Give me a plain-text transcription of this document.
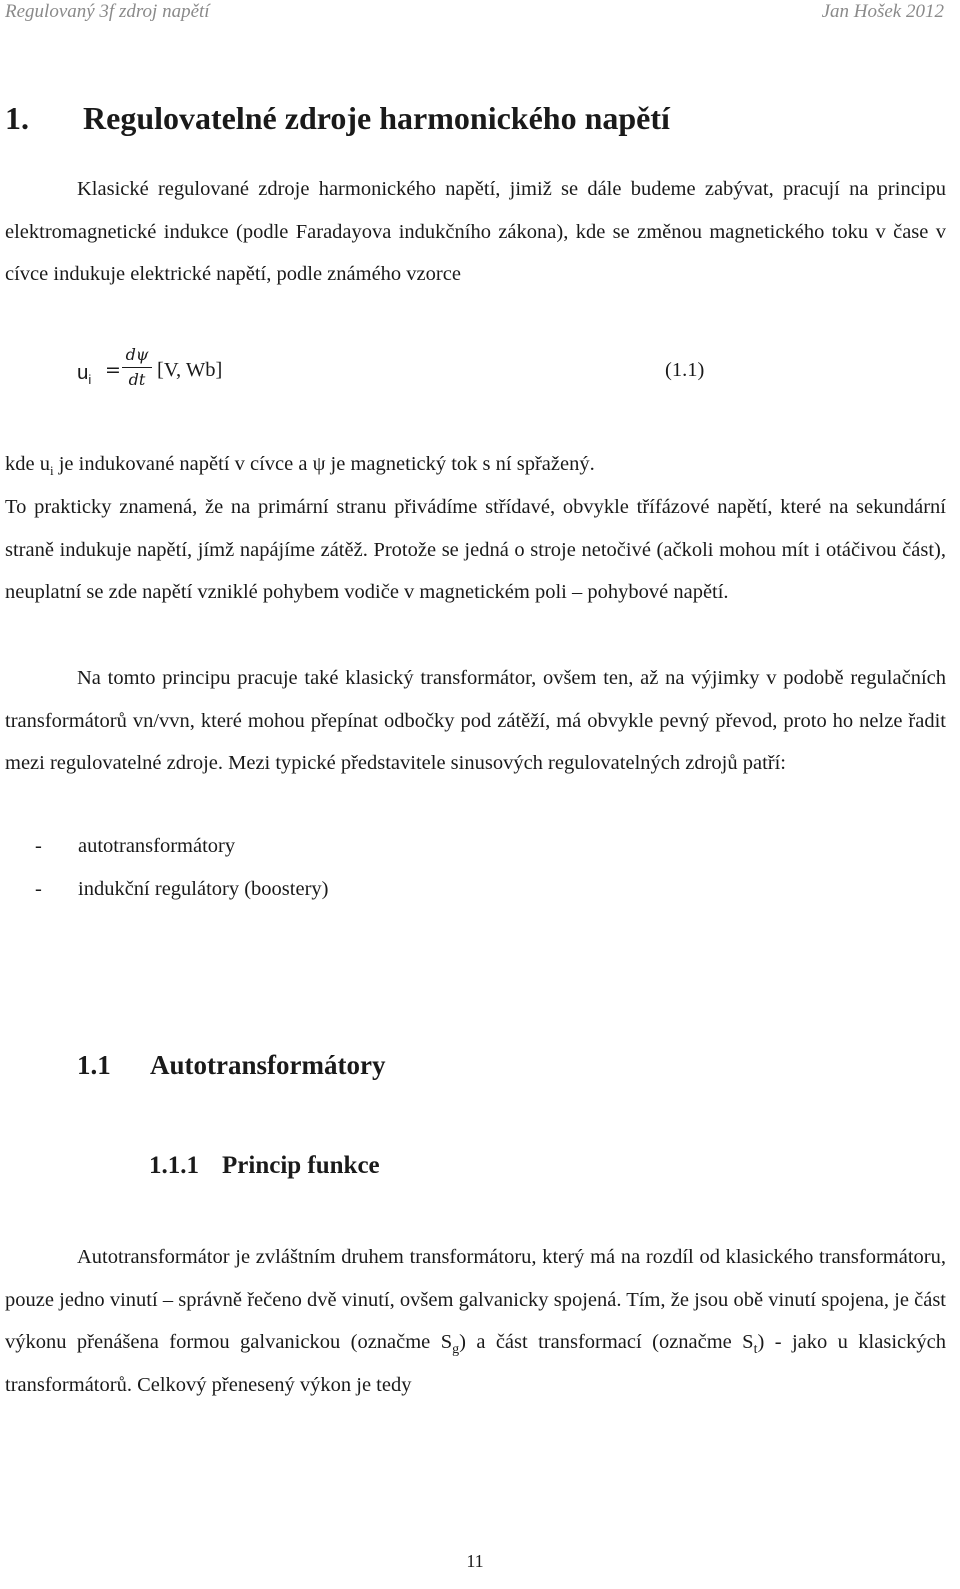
Regulovaný 3f zdroj napětí	Jan Hošek 2012
1. Regulovatelné zdroje harmonického napětí

Klasické regulované zdroje harmonického napětí, jimiž se dále budeme zabývat, pracují na principu elektromagnetické indukce (podle Faradayova indukčního zákona), kde se změnou magnetického toku v čase v cívce indukuje elektrické napětí, podle známého vzorce

$u_i$ =
dψ
dt [V, Wb]	(1.1)

kde $u_i$ je indukované napětí v cívce a ψ je magnetický tok s ní spřažený.

To prakticky znamená, že na primární stranu přivádíme střídavé, obvykle třífázové napětí, které na sekundární straně indukuje napětí, jímž napájíme zátěž. Protože se jedná o stroje netočivé (ačkoli mohou mít i otáčivou část), neuplatní se zde napětí vzniklé pohybem vodiče v magnetickém poli – pohybové napětí.

Na tomto principu pracuje také klasický transformátor, ovšem ten, až na výjimky v podobě regulačních transformátorů vn/vvn, které mohou přepínat odbočky pod zátěží, má obvykle pevný převod, proto ho nelze řadit mezi regulovatelné zdroje. Mezi typické představitele sinusových regulovatelných zdrojů patří:

- autotransformátory
- indukční regulátory (boostery)
1.1 Autotransformátory
1.1.1 Princip funkce

Autotransformátor je zvláštním druhem transformátoru, který má na rozdíl od klasického transformátoru, pouze jedno vinutí – správně řečeno dvě vinutí, ovšem galvanicky spojená. Tím, že jsou obě vinutí spojena, je část výkonu přenášena formou galvanickou (označme $S_g$) a část transformací (označme $S_t$) - jako u klasických transformátorů. Celkový přenesený výkon je tedy

11
